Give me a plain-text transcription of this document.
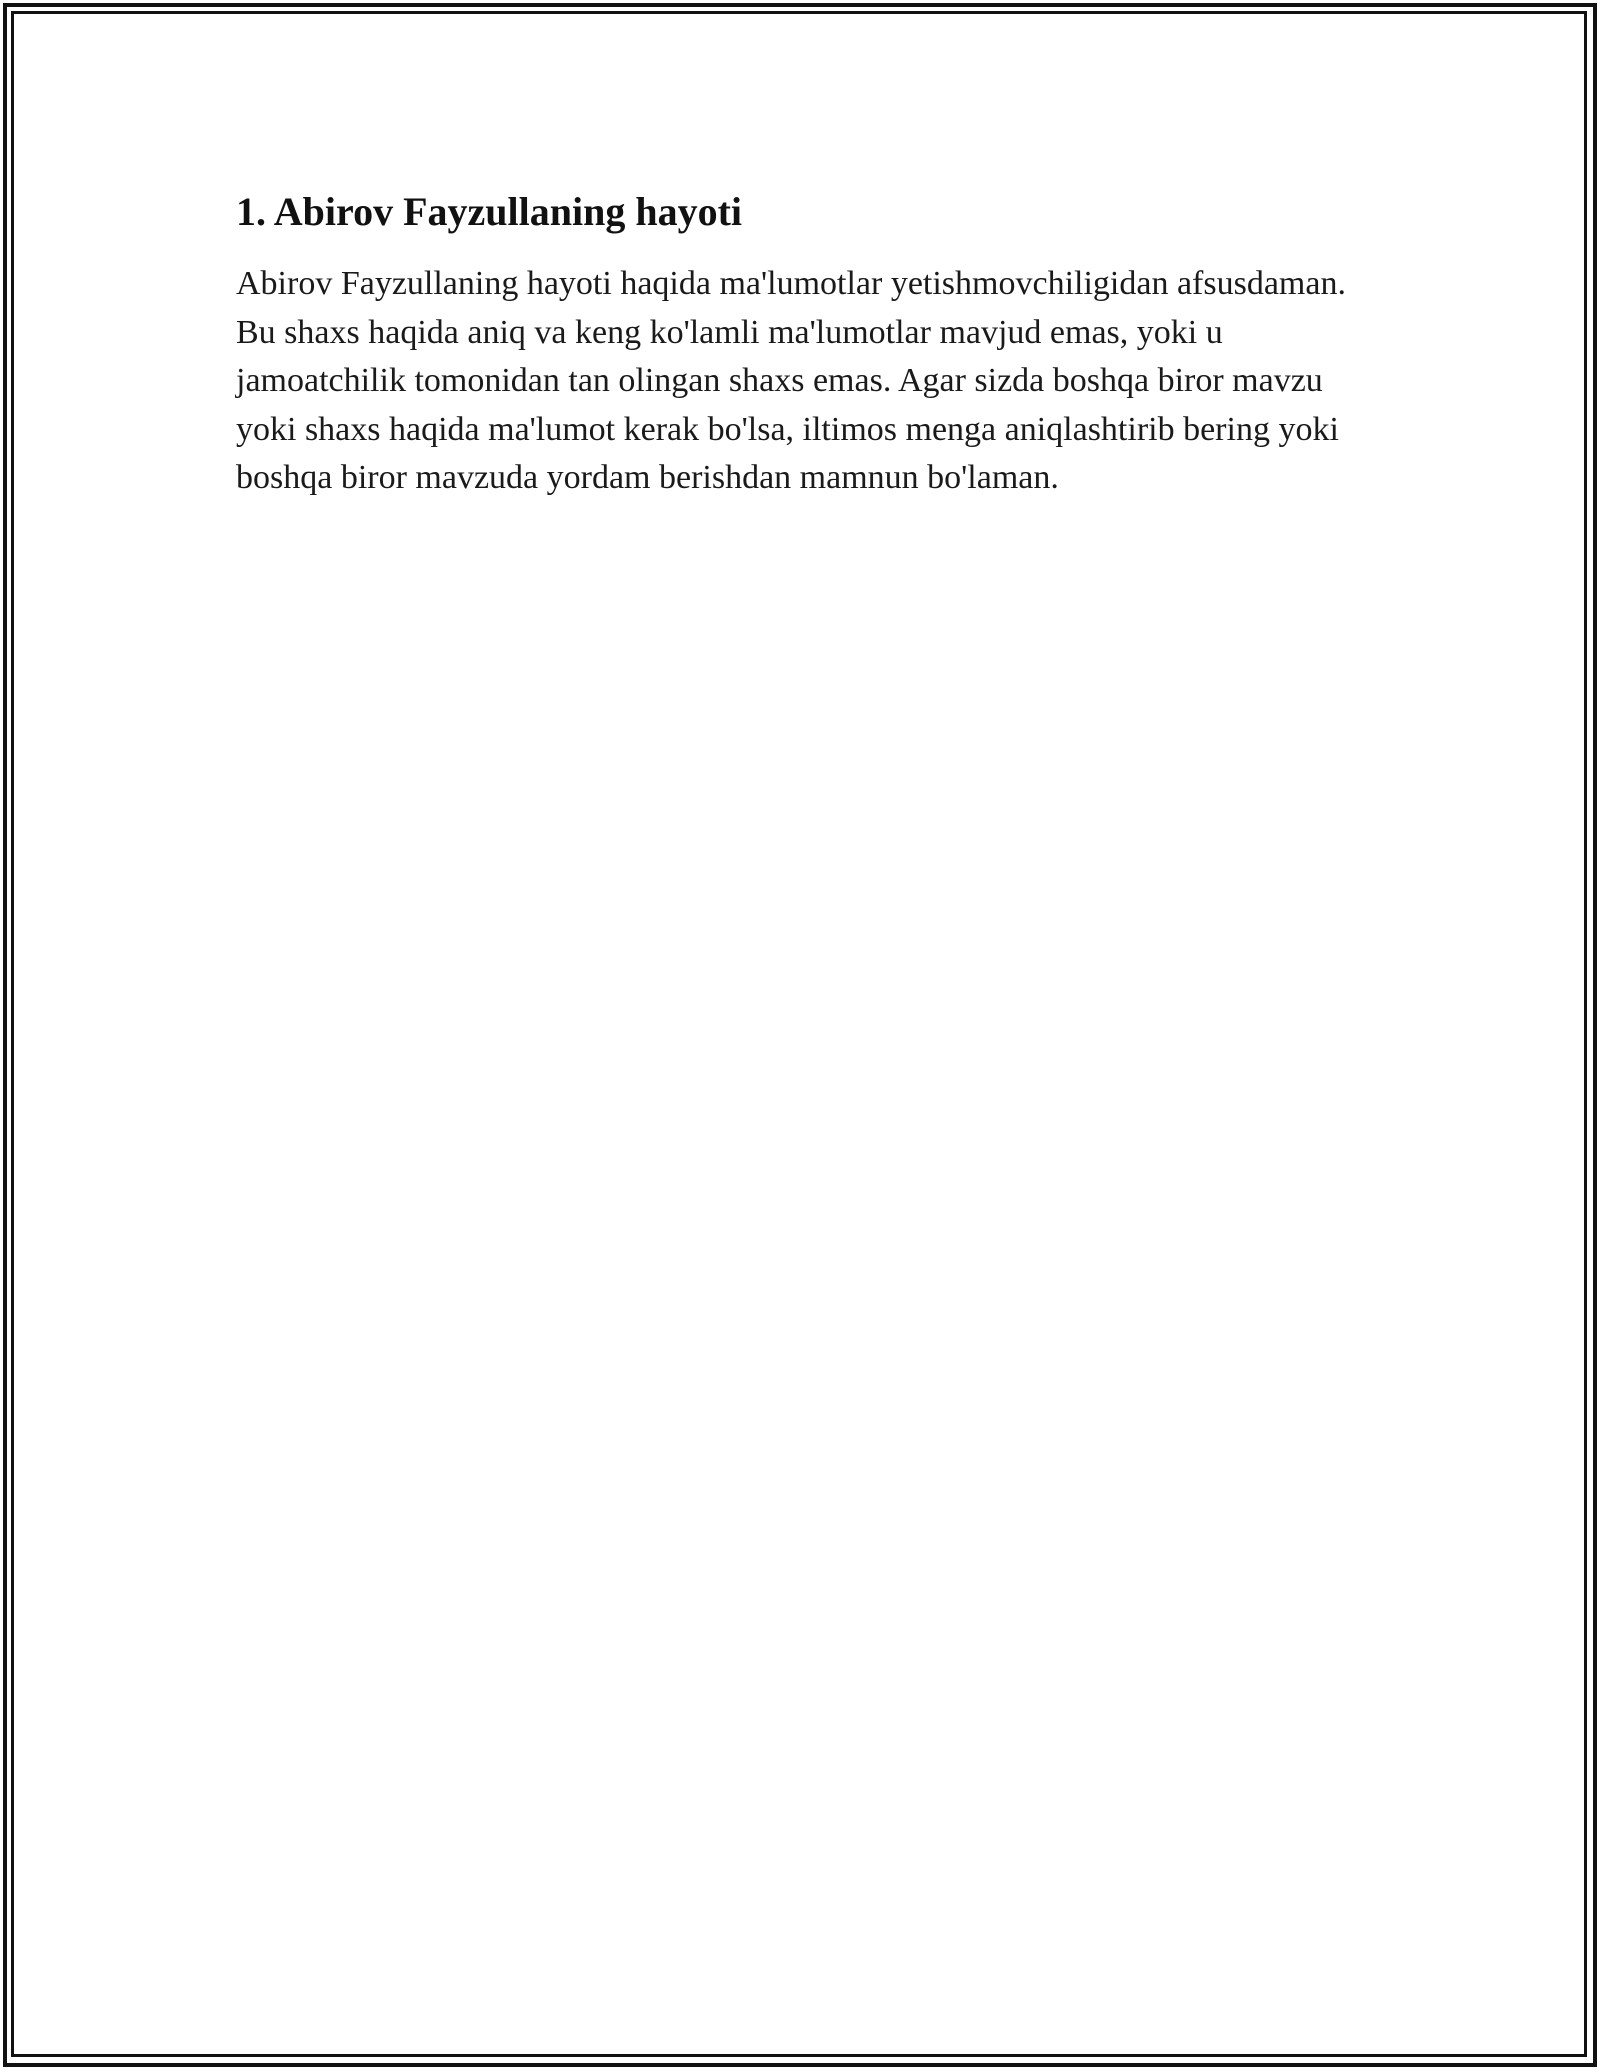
1. Abirov Fayzullaning hayoti

Abirov Fayzullaning hayoti haqida ma'lumotlar yetishmovchiligidan afsusdaman. Bu shaxs haqida aniq va keng ko'lamli ma'lumotlar mavjud emas, yoki u jamoatchilik tomonidan tan olingan shaxs emas. Agar sizda boshqa biror mavzu yoki shaxs haqida ma'lumot kerak bo'lsa, iltimos menga aniqlashtirib bering yoki boshqa biror mavzuda yordam berishdan mamnun bo'laman.
